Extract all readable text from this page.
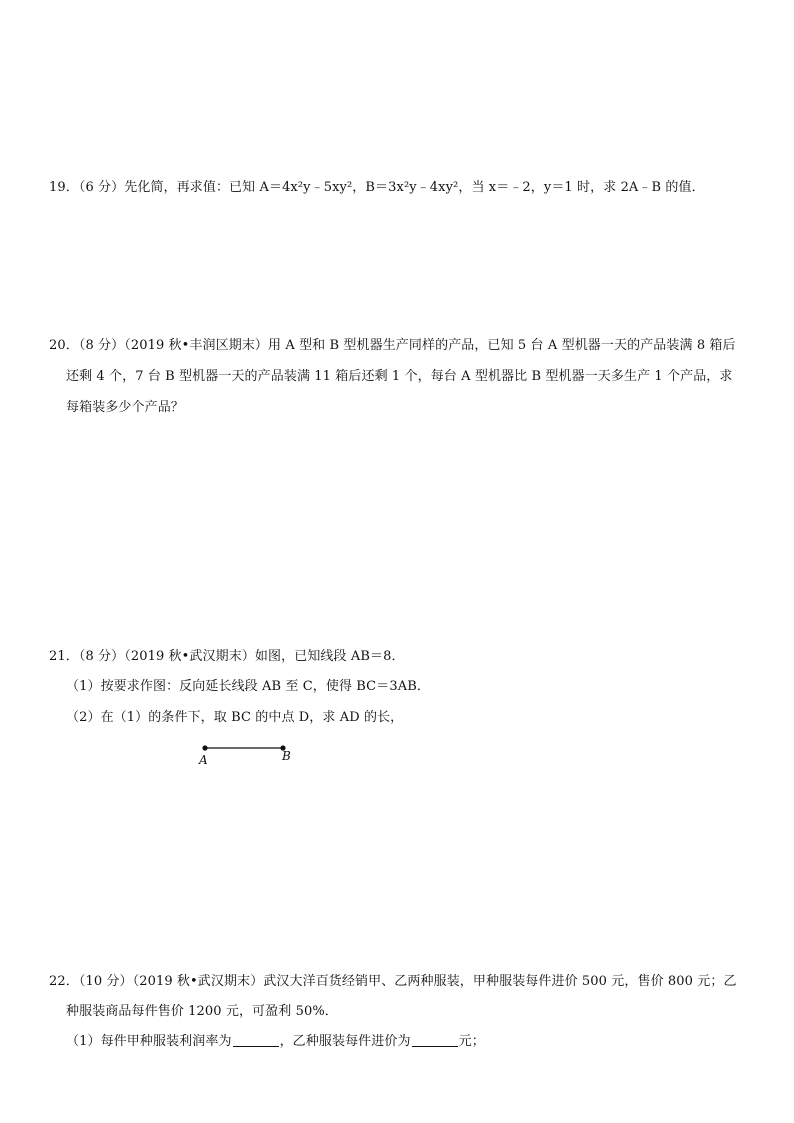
19．（6 分）先化简，再求值：已知 A＝4x²y﹣5xy²，B＝3x²y﹣4xy²，当 x＝﹣2，y＝1 时，求 2A﹣B 的值．
20．（8 分）（2019 秋•丰润区期末）用 A 型和 B 型机器生产同样的产品，已知 5 台 A 型机器一天的产品装满 8 箱后
还剩 4 个，7 台 B 型机器一天的产品装满 11 箱后还剩 1 个，每台 A 型机器比 B 型机器一天多生产 1 个产品，求
每箱装多少个产品？
21．（8 分）（2019 秋•武汉期末）如图，已知线段 AB＝8．
（1）按要求作图：反向延长线段 AB 至 C，使得 BC＝3AB．
（2）在（1）的条件下，取 BC 的中点 D，求 AD 的长，
A	B
22．（10 分）（2019 秋•武汉期末）武汉大洋百货经销甲、乙两种服装，甲种服装每件进价 500 元，售价 800 元；乙
种服装商品每件售价 1200 元，可盈利 50%．
（1）每件甲种服装利润率为	，乙种服装每件进价为	元；
